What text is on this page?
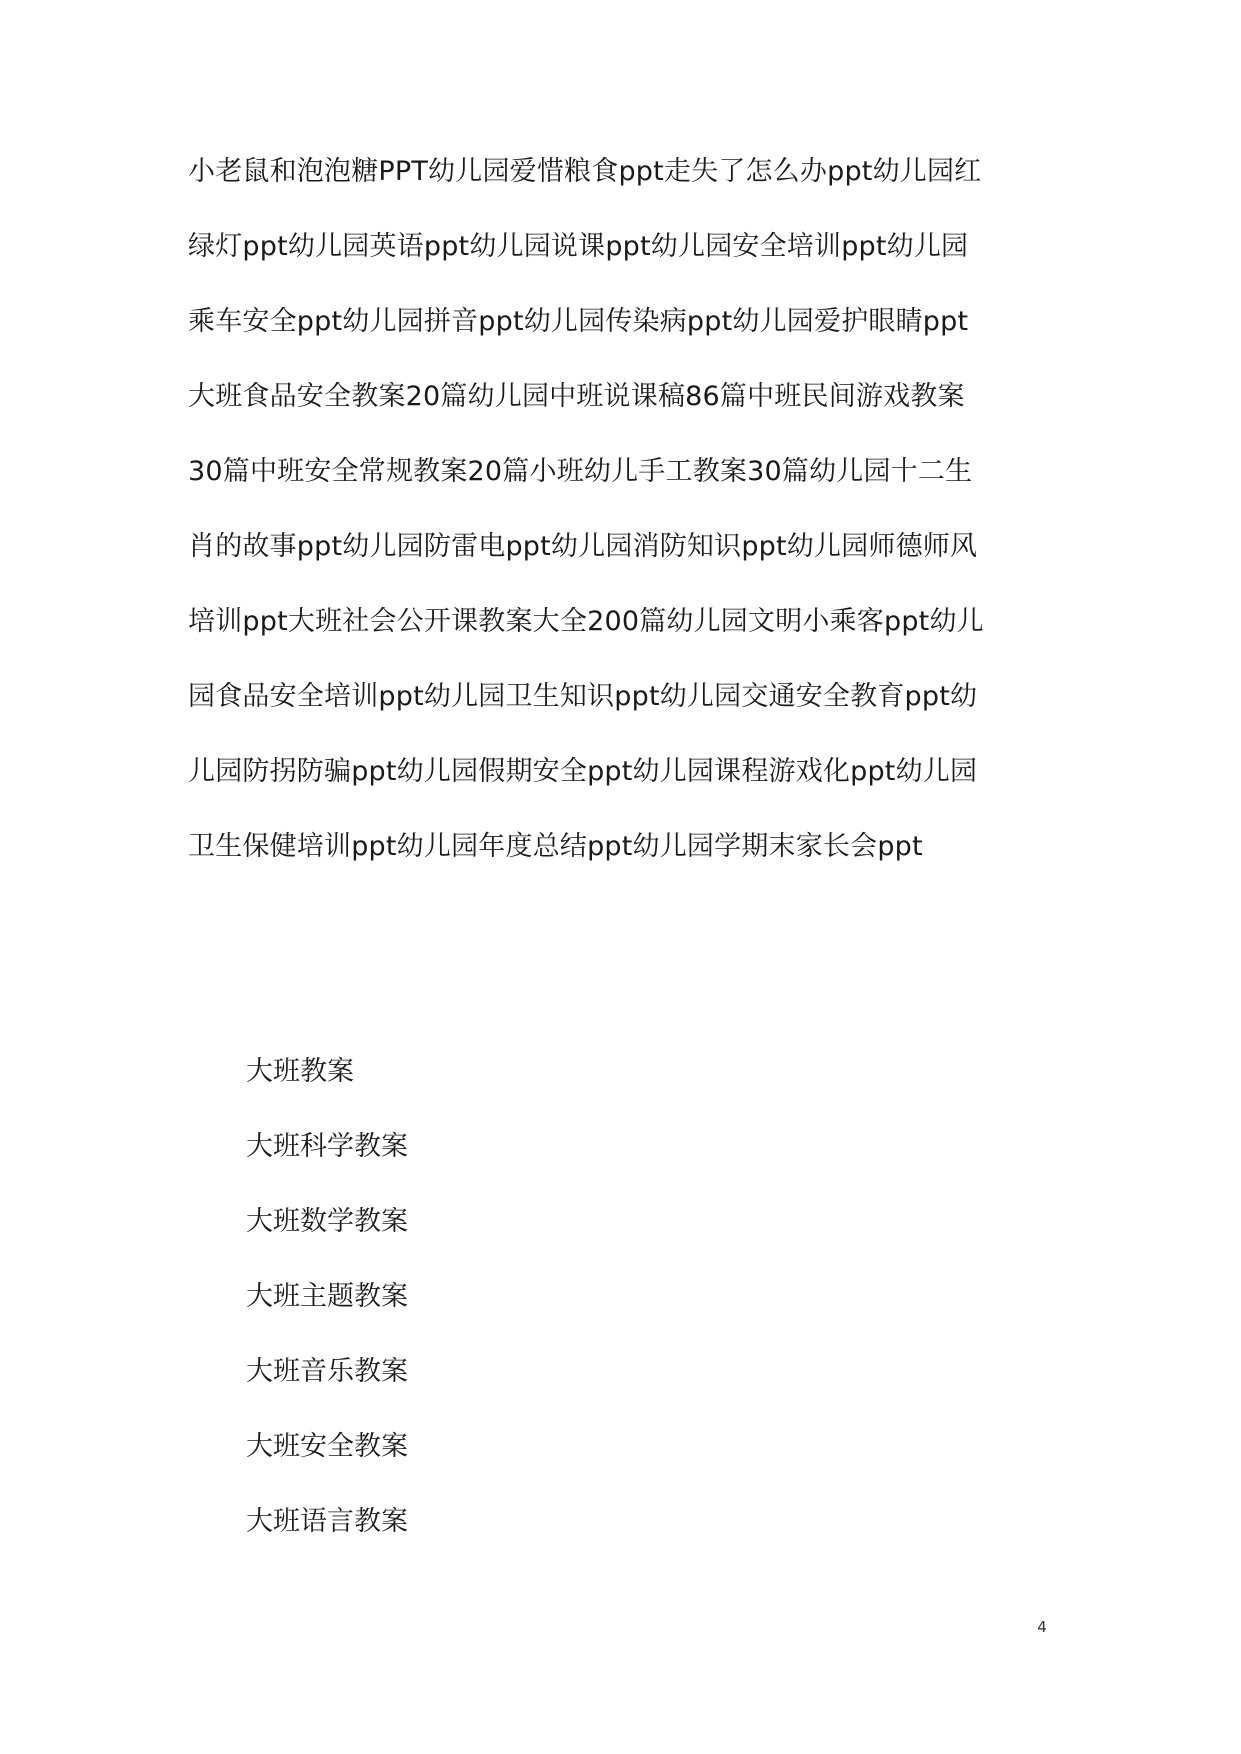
小老鼠和泡泡糖PPT幼儿园爱惜粮食ppt走失了怎么办ppt幼儿园红
绿灯ppt幼儿园英语ppt幼儿园说课ppt幼儿园安全培训ppt幼儿园
乘车安全ppt幼儿园拼音ppt幼儿园传染病ppt幼儿园爱护眼睛ppt
大班食品安全教案20篇幼儿园中班说课稿86篇中班民间游戏教案
30篇中班安全常规教案20篇小班幼儿手工教案30篇幼儿园十二生
肖的故事ppt幼儿园防雷电ppt幼儿园消防知识ppt幼儿园师德师风
培训ppt大班社会公开课教案大全200篇幼儿园文明小乘客ppt幼儿
园食品安全培训ppt幼儿园卫生知识ppt幼儿园交通安全教育ppt幼
儿园防拐防骗ppt幼儿园假期安全ppt幼儿园课程游戏化ppt幼儿园
卫生保健培训ppt幼儿园年度总结ppt幼儿园学期末家长会ppt
大班教案
大班科学教案
大班数学教案
大班主题教案
大班音乐教案
大班安全教案
大班语言教案
4
